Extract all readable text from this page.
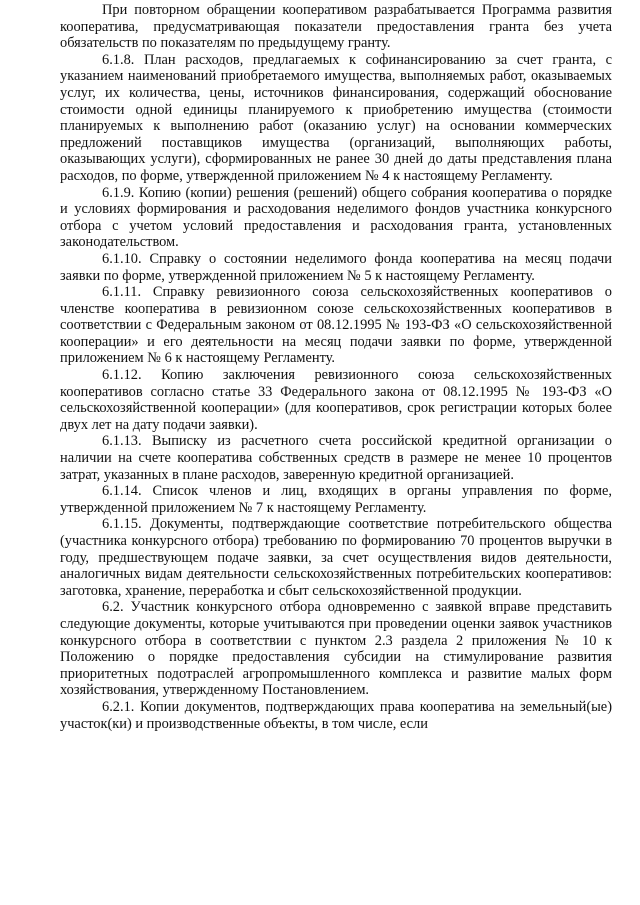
При повторном обращении кооперативом разрабатывается Программа развития кооператива, предусматривающая показатели предоставления гранта без учета обязательств по показателям по предыдущему гранту.

6.1.8. План расходов, предлагаемых к софинансированию за счет гранта, с указанием наименований приобретаемого имущества, выполняемых работ, оказываемых услуг, их количества, цены, источников финансирования, содержащий обоснование стоимости одной единицы планируемого к приобретению имущества (стоимости планируемых к выполнению работ (оказанию услуг) на основании коммерческих предложений поставщиков имущества (организаций, выполняющих работы, оказывающих услуги), сформированных не ранее 30 дней до даты представления плана расходов, по форме, утвержденной приложением № 4 к настоящему Регламенту.

6.1.9. Копию (копии) решения (решений) общего собрания кооператива о порядке и условиях формирования и расходования неделимого фондов участника конкурсного отбора с учетом условий предоставления и расходования гранта, установленных законодательством.

6.1.10. Справку о состоянии неделимого фонда кооператива на месяц подачи заявки по форме, утвержденной приложением № 5 к настоящему Регламенту.

6.1.11. Справку ревизионного союза сельскохозяйственных кооперативов о членстве кооператива в ревизионном союзе сельскохозяйственных кооперативов в соответствии с Федеральным законом от 08.12.1995 № 193-ФЗ «О сельскохозяйственной кооперации» и его деятельности на месяц подачи заявки по форме, утвержденной приложением № 6 к настоящему Регламенту.

6.1.12. Копию заключения ревизионного союза сельскохозяйственных кооперативов согласно статье 33 Федерального закона от 08.12.1995 № 193-ФЗ «О сельскохозяйственной кооперации» (для кооперативов, срок регистрации которых более двух лет на дату подачи заявки).

6.1.13. Выписку из расчетного счета российской кредитной организации о наличии на счете кооператива собственных средств в размере не менее 10 процентов затрат, указанных в плане расходов, заверенную кредитной организацией.

6.1.14. Список членов и лиц, входящих в органы управления по форме, утвержденной приложением № 7 к настоящему Регламенту.

6.1.15. Документы, подтверждающие соответствие потребительского общества (участника конкурсного отбора) требованию по формированию 70 процентов выручки в году, предшествующем подаче заявки, за счет осуществления видов деятельности, аналогичных видам деятельности сельскохозяйственных потребительских кооперативов: заготовка, хранение, переработка и сбыт сельскохозяйственной продукции.

6.2. Участник конкурсного отбора одновременно с заявкой вправе представить следующие документы, которые учитываются при проведении оценки заявок участников конкурсного отбора в соответствии с пунктом 2.3 раздела 2 приложения № 10 к Положению о порядке предоставления субсидии на стимулирование развития приоритетных подотраслей агропромышленного комплекса и развитие малых форм хозяйствования, утвержденному Постановлением.

6.2.1. Копии документов, подтверждающих права кооператива на земельный(ые) участок(ки) и производственные объекты, в том числе, если
